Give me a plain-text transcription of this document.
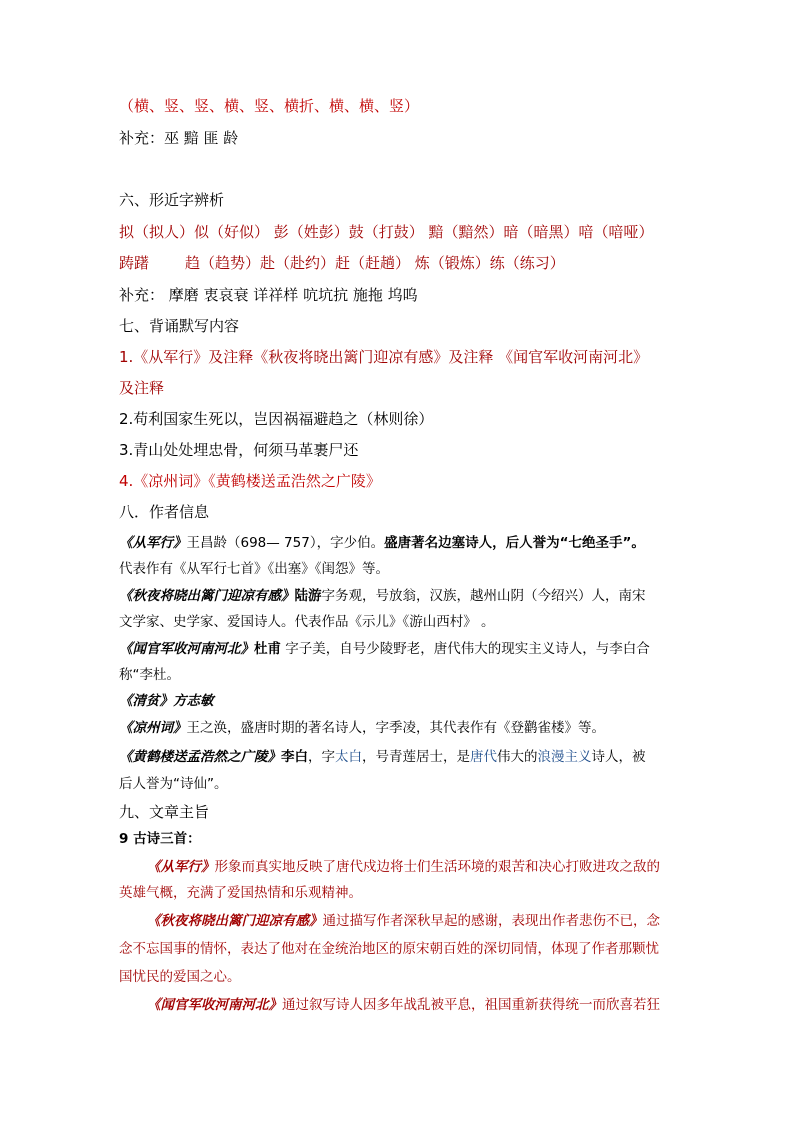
（横、竖、竖、横、竖、横折、横、横、竖）
补充：巫 黯 匪 龄
六、形近字辨析
拟（拟人）似（好似） 彭（姓彭）鼓（打鼓） 黯（黯然）暗（暗黑）喑（喑哑）
踌躇 趋（趋势）赴（赴约）赶（赶趟） 炼（锻炼）练（练习）
补充： 摩磨 衷哀衰 详祥样 吭坑抗 施拖 坞呜
七、背诵默写内容
1.《从军行》及注释《秋夜将晓出篱门迎凉有感》及注释 《闻官军收河南河北》
及注释
2.苟利国家生死以，岂因祸福避趋之（林则徐）
3.青山处处埋忠骨，何须马革裹尸还
4.《凉州词》《黄鹤楼送孟浩然之广陵》
八．作者信息
《从军行》王昌龄（698— 757），字少伯。盛唐著名边塞诗人，后人誉为“七绝圣手”。
代表作有《从军行七首》《出塞》《闺怨》等。
《秋夜将晓出篱门迎凉有感》陆游字务观，号放翁，汉族，越州山阴（今绍兴）人，南宋
文学家、史学家、爱国诗人。代表作品《示儿》《游山西村》 。
《闻官军收河南河北》杜甫 字子美，自号少陵野老，唐代伟大的现实主义诗人，与李白合
称“李杜。
《清贫》方志敏
《凉州词》王之涣，盛唐时期的著名诗人，字季凌，其代表作有《登鹳雀楼》等。
《黄鹤楼送孟浩然之广陵》李白，字太白，号青莲居士，是唐代伟大的浪漫主义诗人，被
后人誉为“诗仙”。
九、文章主旨
9 古诗三首：
《从军行》形象而真实地反映了唐代戍边将士们生活环境的艰苦和决心打败进攻之敌的
英雄气概，充满了爱国热情和乐观精神。
《秋夜将晓出篱门迎凉有感》通过描写作者深秋早起的感谢，表现出作者悲伤不已，念
念不忘国事的情怀，表达了他对在金统治地区的原宋朝百姓的深切同情，体现了作者那颗忧
国忧民的爱国之心。
《闻官军收河南河北》通过叙写诗人因多年战乱被平息，祖国重新获得统一而欣喜若狂
